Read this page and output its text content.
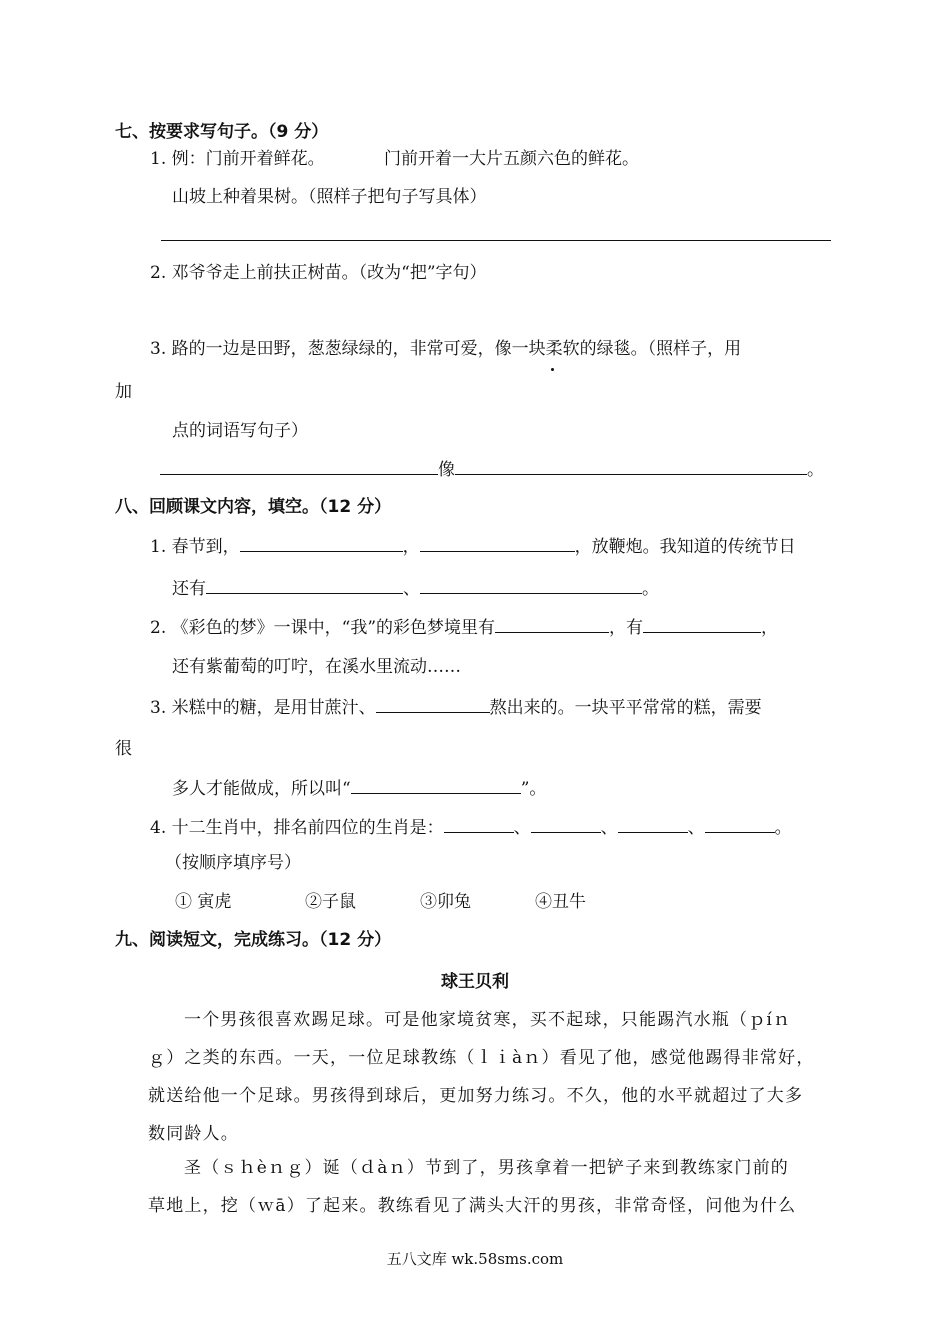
七、按要求写句子。（9 分）
1. 例：门前开着鲜花。	门前开着一大片五颜六色的鲜花。
山坡上种着果树。（照样子把句子写具体）
2. 邓爷爷走上前扶正树苗。（改为“把”字句）
3. 路的一边是田野，葱葱绿绿的，非常可爱，像一块柔软的绿毯。（照样子，用
加
点的词语写句子）
像	。
八、回顾课文内容，填空。（12 分）
1. 春节到，	，	，放鞭炮。我知道的传统节日
还有	、	。
2. 《彩色的梦》一课中，“我”的彩色梦境里有	，有	，
还有紫葡萄的叮咛，在溪水里流动……
3. 米糕中的糖，是用甘蔗汁、	熬出来的。一块平平常常的糕，需要
很
多人才能做成，所以叫“	”。
4. 十二生肖中，排名前四位的生肖是：	、	、	、	。
（按顺序填序号）
① 寅虎	②子鼠	③卯兔	④丑牛
九、阅读短文，完成练习。（12 分）
球王贝利
一个男孩很喜欢踢足球。可是他家境贫寒，买不起球，只能踢汽水瓶（ｐíｎ
ｇ）之类的东西。一天，一位足球教练（ｌｉàｎ）看见了他，感觉他踢得非常好，
就送给他一个足球。男孩得到球后，更加努力练习。不久，他的水平就超过了大多
数同龄人。
圣（ｓｈèｎｇ）诞（ｄàｎ）节到了，男孩拿着一把铲子来到教练家门前的
草地上，挖（ｗā）了起来。教练看见了满头大汗的男孩，非常奇怪，问他为什么
五八文库 wk.58sms.com
